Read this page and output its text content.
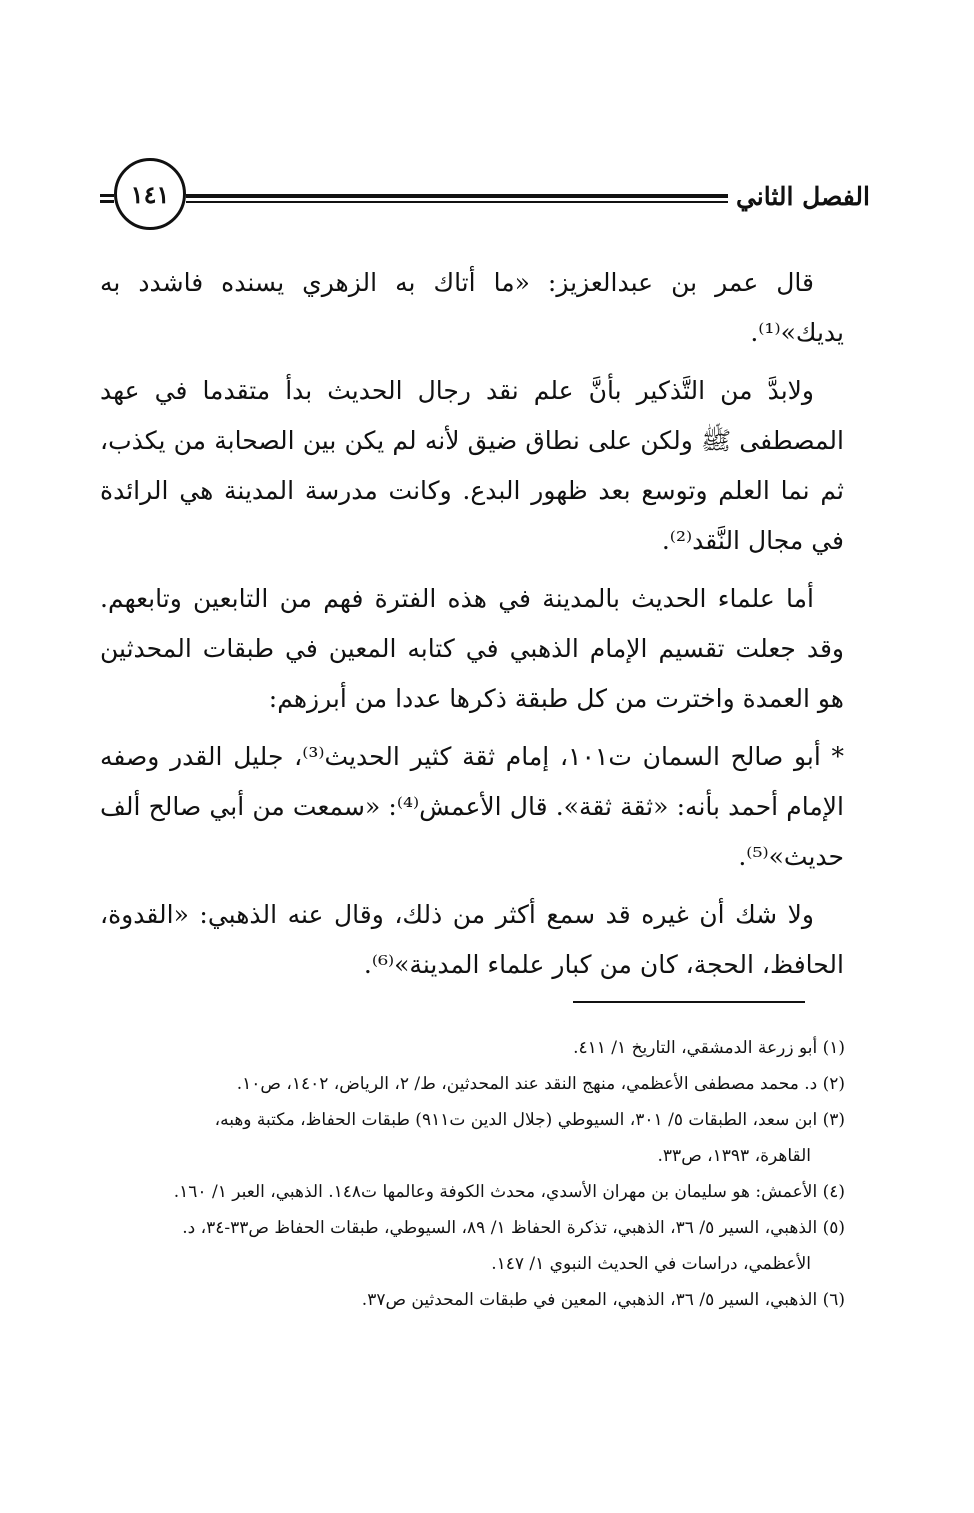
الفصل الثاني
١٤١

قال عمر بن عبدالعزيز: «ما أتاك به الزهري يسنده فاشدد به يديك»⁽¹⁾.

ولابدَّ من التَّذكير بأنَّ علم نقد رجال الحديث بدأ متقدما في عهد المصطفى ﷺ ولكن على نطاق ضيق لأنه لم يكن بين الصحابة من يكذب، ثم نما العلم وتوسع بعد ظهور البدع. وكانت مدرسة المدينة هي الرائدة في مجال النَّقد⁽²⁾.

أما علماء الحديث بالمدينة في هذه الفترة فهم من التابعين وتابعهم. وقد جعلت تقسيم الإمام الذهبي في كتابه المعين في طبقات المحدثين هو العمدة واخترت من كل طبقة ذكرها عددا من أبرزهم:

* أبو صالح السمان ت١٠١، إمام ثقة كثير الحديث⁽³⁾، جليل القدر وصفه الإمام أحمد بأنه: «ثقة ثقة». قال الأعمش⁽⁴⁾: «سمعت من أبي صالح ألف حديث»⁽⁵⁾.

ولا شك أن غيره قد سمع أكثر من ذلك، وقال عنه الذهبي: «القدوة، الحافظ، الحجة، كان من كبار علماء المدينة»⁽⁶⁾.

(١) أبو زرعة الدمشقي، التاريخ ١/ ٤١١.
(٢) د. محمد مصطفى الأعظمي، منهج النقد عند المحدثين، ط/ ٢، الرياض، ١٤٠٢، ص١٠.
(٣) ابن سعد، الطبقات ٥/ ٣٠١، السيوطي (جلال الدين ت٩١١) طبقات الحفاظ، مكتبة وهبه،
القاهرة، ١٣٩٣، ص٣٣.
(٤) الأعمش: هو سليمان بن مهران الأسدي، محدث الكوفة وعالمها ت١٤٨. الذهبي، العبر ١/ ١٦٠.
(٥) الذهبي، السير ٥/ ٣٦، الذهبي، تذكرة الحفاظ ١/ ٨٩، السيوطي، طبقات الحفاظ ص٣٣-٣٤، د.
الأعظمي، دراسات في الحديث النبوي ١/ ١٤٧.
(٦) الذهبي، السير ٥/ ٣٦، الذهبي، المعين في طبقات المحدثين ص٣٧.
